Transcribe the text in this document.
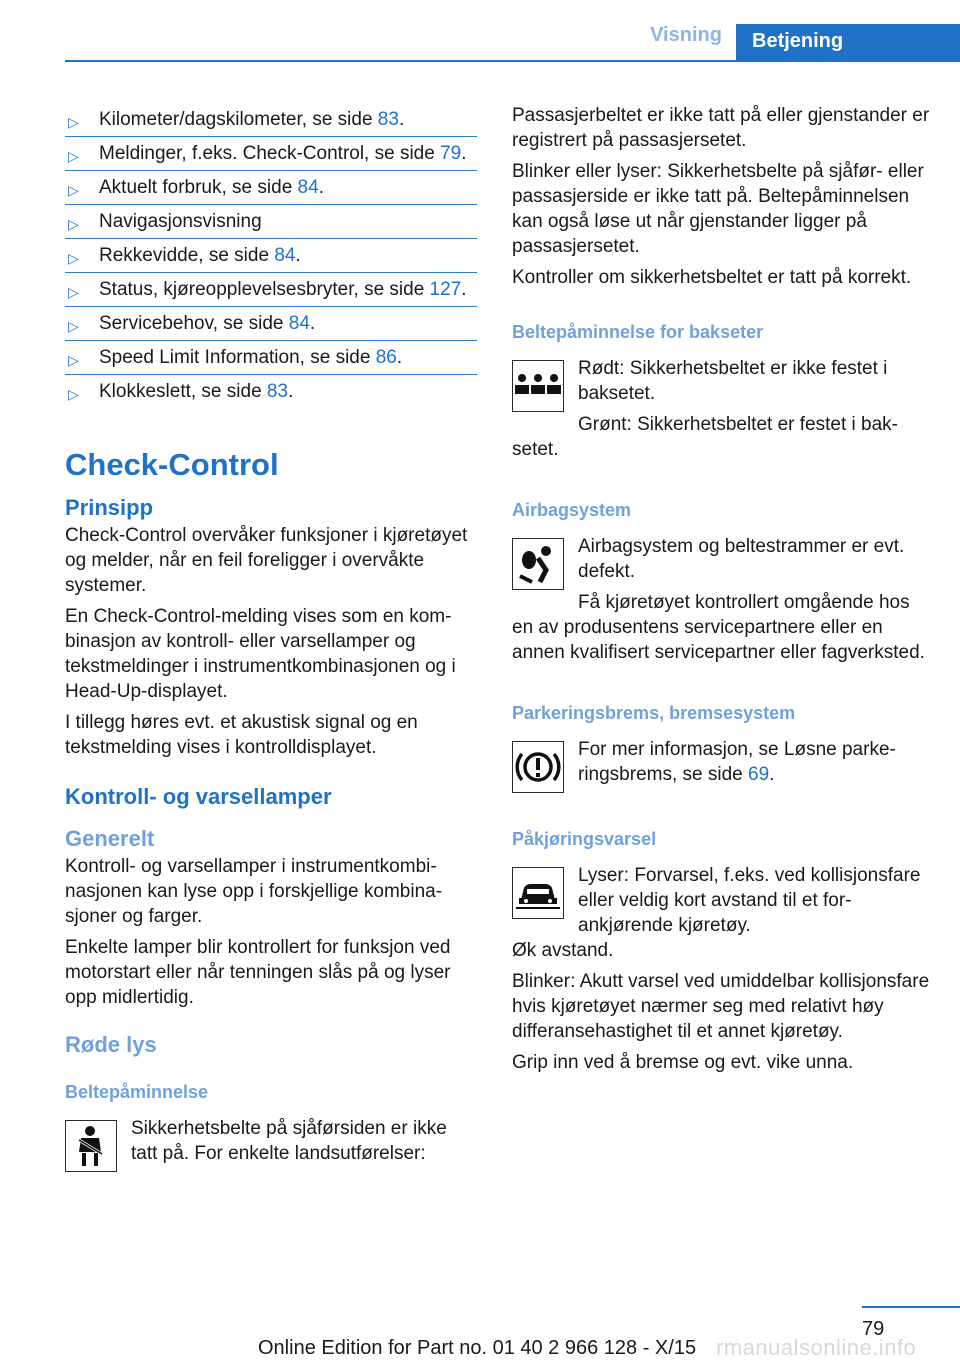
Visning	Betjening
▷ Kilometer/dagskilometer, se side 83.
▷ Meldinger, f.eks. Check-Control, se side 79.
▷ Aktuelt forbruk, se side 84.
▷ Navigasjonsvisning
▷ Rekkevidde, se side 84.
▷ Status, kjøreopplevelsesbryter, se side 127.
▷ Servicebehov, se side 84.
▷ Speed Limit Information, se side 86.
▷ Klokkeslett, se side 83.
Check-Control
Prinsipp

Check-Control overvåker funksjoner i kjøretøyet og melder, når en feil foreligger i overvåkte systemer.

En Check-Control-melding vises som en kombinasjon av kontroll- eller varsellamper og tekstmeldinger i instrumentkombinasjonen og i Head-Up-displayet.

I tillegg høres evt. et akustisk signal og en tekstmelding vises i kontrolldisplayet.

Kontroll- og varsellamper
Generelt

Kontroll- og varsellamper i instrumentkombinasjonen kan lyse opp i forskjellige kombinasjoner og farger.

Enkelte lamper blir kontrollert for funksjon ved motorstart eller når tenningen slås på og lyser opp midlertidig.

Røde lys
Beltepåminnelse
Sikkerhetsbelte på sjåførsiden er ikke tatt på. For enkelte landsutførelser:

Passasjerbeltet er ikke tatt på eller gjenstander er registrert på passasjersetet.

Blinker eller lyser: Sikkerhetsbelte på sjåfør- eller passasjerside er ikke tatt på. Beltepåminnelsen kan også løse ut når gjenstander ligger på passasjersetet.

Kontroller om sikkerhetsbeltet er tatt på korrekt.

Beltepåminnelse for bakseter

Rødt: Sikkerhetsbeltet er ikke festet i baksetet.

Grønt: Sikkerhetsbeltet er festet i baksetet.

Airbagsystem

Airbagsystem og beltestrammer er evt. defekt.

Få kjøretøyet kontrollert omgående hos en av produsentens servicepartnere eller en annen kvalifisert servicepartner eller fagverksted.

Parkeringsbrems, bremsesystem
For mer informasjon, se Løsne parkeringsbrems, se side 69.
Påkjøringsvarsel
Lyser: Forvarsel, f.eks. ved kollisjonsfare eller veldig kort avstand til et forankjørende kjøretøy.

Øk avstand.

Blinker: Akutt varsel ved umiddelbar kollisjonsfare hvis kjøretøyet nærmer seg med relativt høy differansehastighet til et annet kjøretøy.

Grip inn ved å bremse og evt. vike unna.

79
rmanualsonline.info
Online Edition for Part no. 01 40 2 966 128 - X/15
